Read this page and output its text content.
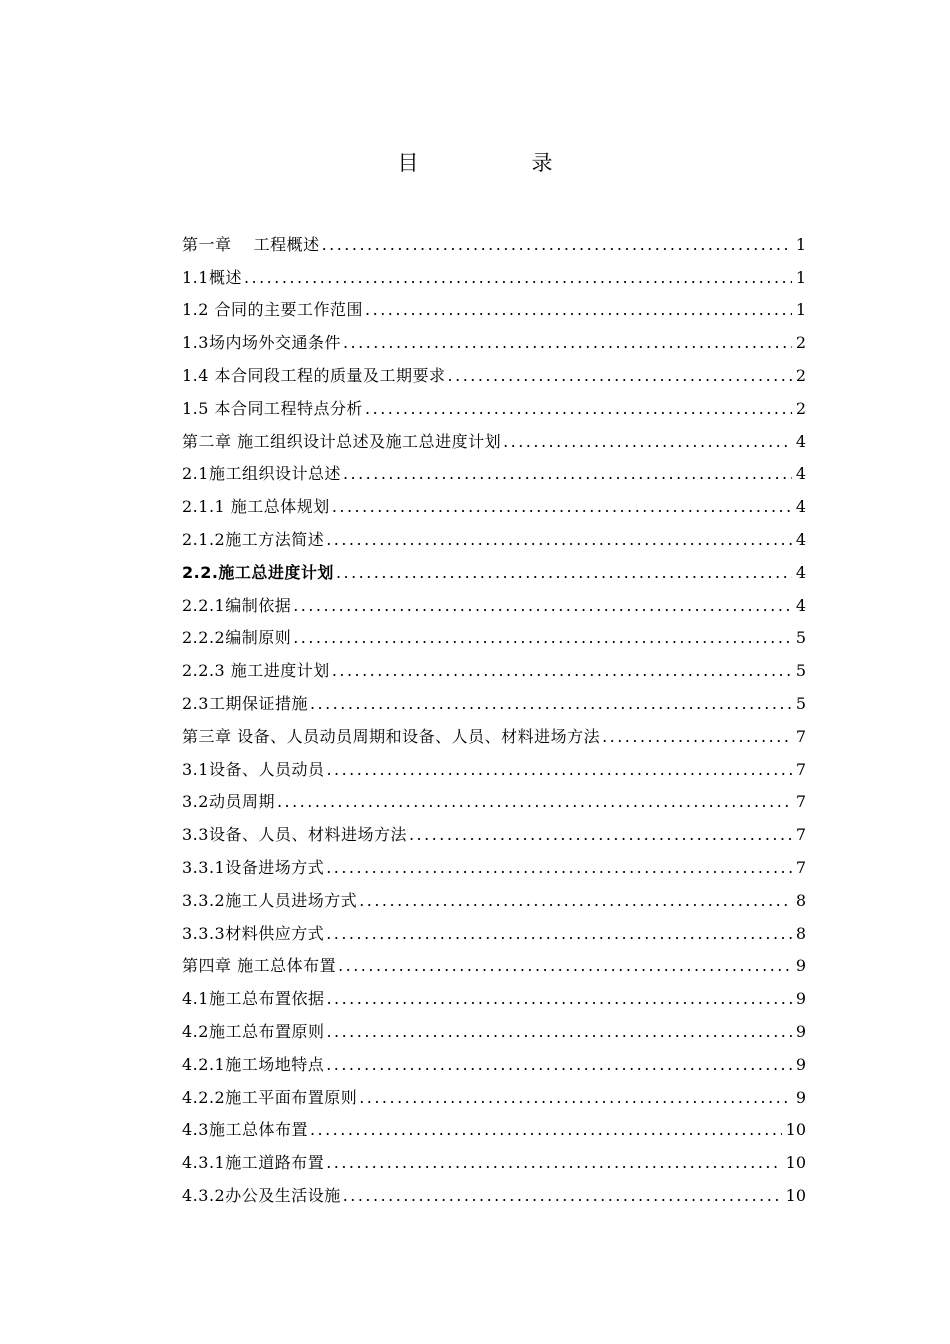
目　录
第一章　 工程概述 . . .	1
1.1概述 . . .	1
1.2 合同的主要工作范围 . . .	1
1.3场内场外交通条件 . . .	2
1.4 本合同段工程的质量及工期要求 . . .	2
1.5 本合同工程特点分析 . . .	2
第二章 施工组织设计总述及施工总进度计划 . . .	4
2.1施工组织设计总述 . . .	4
2.1.1 施工总体规划 . . .	4
2.1.2施工方法简述 . . .	4
2.2.施工总进度计划 . . .	4
2.2.1编制依据 . . .	4
2.2.2编制原则 . . .	5
2.2.3 施工进度计划 . . .	5
2.3工期保证措施 . . .	5
第三章 设备、人员动员周期和设备、人员、材料进场方法 . . .	7
3.1设备、人员动员 . . .	7
3.2动员周期 . . .	7
3.3设备、人员、材料进场方法 . . .	7
3.3.1设备进场方式 . . .	7
3.3.2施工人员进场方式 . . .	8
3.3.3材料供应方式 . . .	8
第四章 施工总体布置 . . .	9
4.1施工总布置依据 . . .	9
4.2施工总布置原则 . . .	9
4.2.1施工场地特点 . . .	9
4.2.2施工平面布置原则 . . .	9
4.3施工总体布置 . . .	10
4.3.1施工道路布置 . . .	10
4.3.2办公及生活设施 . . .	10
